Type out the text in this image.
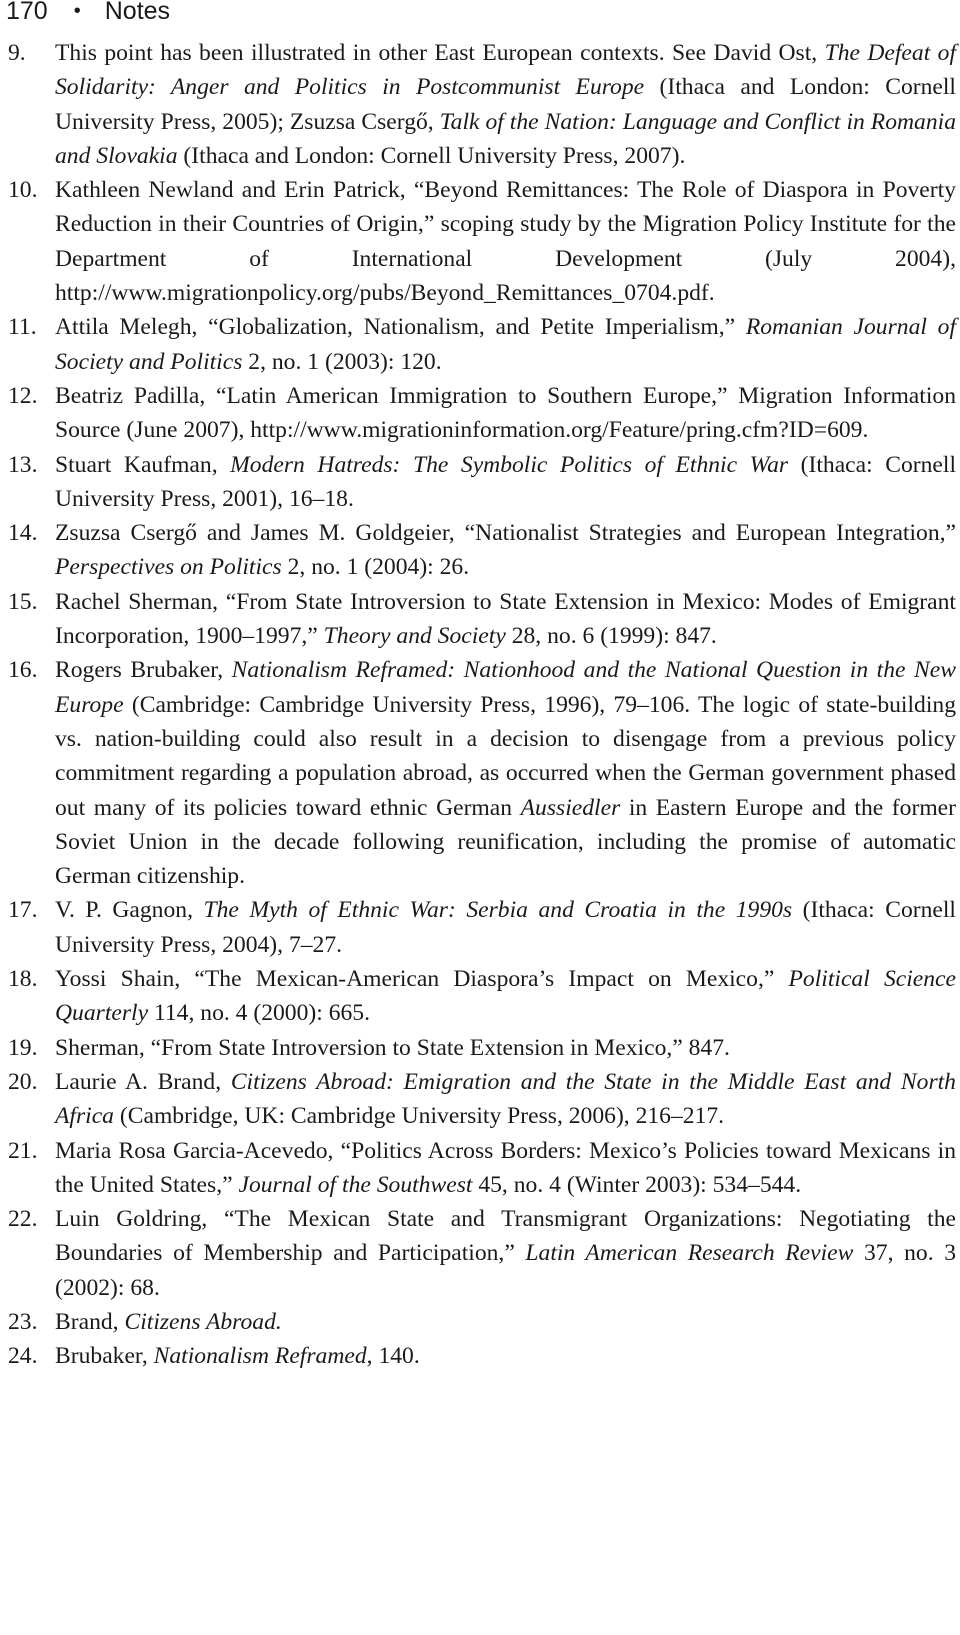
170 • Notes
9.	This point has been illustrated in other East European contexts. See David Ost, The Defeat of Solidarity: Anger and Politics in Postcommunist Europe (Ithaca and London: Cornell University Press, 2005); Zsuzsa Csergő, Talk of the Nation: Language and Conflict in Romania and Slovakia (Ithaca and London: Cornell University Press, 2007).
10. Kathleen Newland and Erin Patrick, “Beyond Remittances: The Role of Diaspora in Poverty Reduction in their Countries of Origin,” scoping study by the Migration Policy Institute for the Department of International Development (July 2004), http://www.migrationpolicy.org/pubs/Beyond_Remittances_0704.pdf.
11. Attila Melegh, “Globalization, Nationalism, and Petite Imperialism,” Romanian Journal of Society and Politics 2, no. 1 (2003): 120.
12. Beatriz Padilla, “Latin American Immigration to Southern Europe,” Migration Information Source (June 2007), http://www.migrationinformation.org/Feature/pring.cfm?ID=609.
13. Stuart Kaufman, Modern Hatreds: The Symbolic Politics of Ethnic War (Ithaca: Cornell University Press, 2001), 16–18.
14. Zsuzsa Csergő and James M. Goldgeier, “Nationalist Strategies and European Integration,” Perspectives on Politics 2, no. 1 (2004): 26.
15. Rachel Sherman, “From State Introversion to State Extension in Mexico: Modes of Emigrant Incorporation, 1900–1997,” Theory and Society 28, no. 6 (1999): 847.
16. Rogers Brubaker, Nationalism Reframed: Nationhood and the National Question in the New Europe (Cambridge: Cambridge University Press, 1996), 79–106. The logic of state-building vs. nation-building could also result in a decision to disengage from a previous policy commitment regarding a population abroad, as occurred when the German government phased out many of its policies toward ethnic German Aussiedler in Eastern Europe and the former Soviet Union in the decade following reunification, including the promise of automatic German citizenship.
17. V. P. Gagnon, The Myth of Ethnic War: Serbia and Croatia in the 1990s (Ithaca: Cornell University Press, 2004), 7–27.
18. Yossi Shain, “The Mexican-American Diaspora’s Impact on Mexico,” Political Science Quarterly 114, no. 4 (2000): 665.
19. Sherman, “From State Introversion to State Extension in Mexico,” 847.
20. Laurie A. Brand, Citizens Abroad: Emigration and the State in the Middle East and North Africa (Cambridge, UK: Cambridge University Press, 2006), 216–217.
21. Maria Rosa Garcia-Acevedo, “Politics Across Borders: Mexico’s Policies toward Mexicans in the United States,” Journal of the Southwest 45, no. 4 (Winter 2003): 534–544.
22. Luin Goldring, “The Mexican State and Transmigrant Organizations: Negotiating the Boundaries of Membership and Participation,” Latin American Research Review 37, no. 3 (2002): 68.
23. Brand, Citizens Abroad.
24. Brubaker, Nationalism Reframed, 140.
